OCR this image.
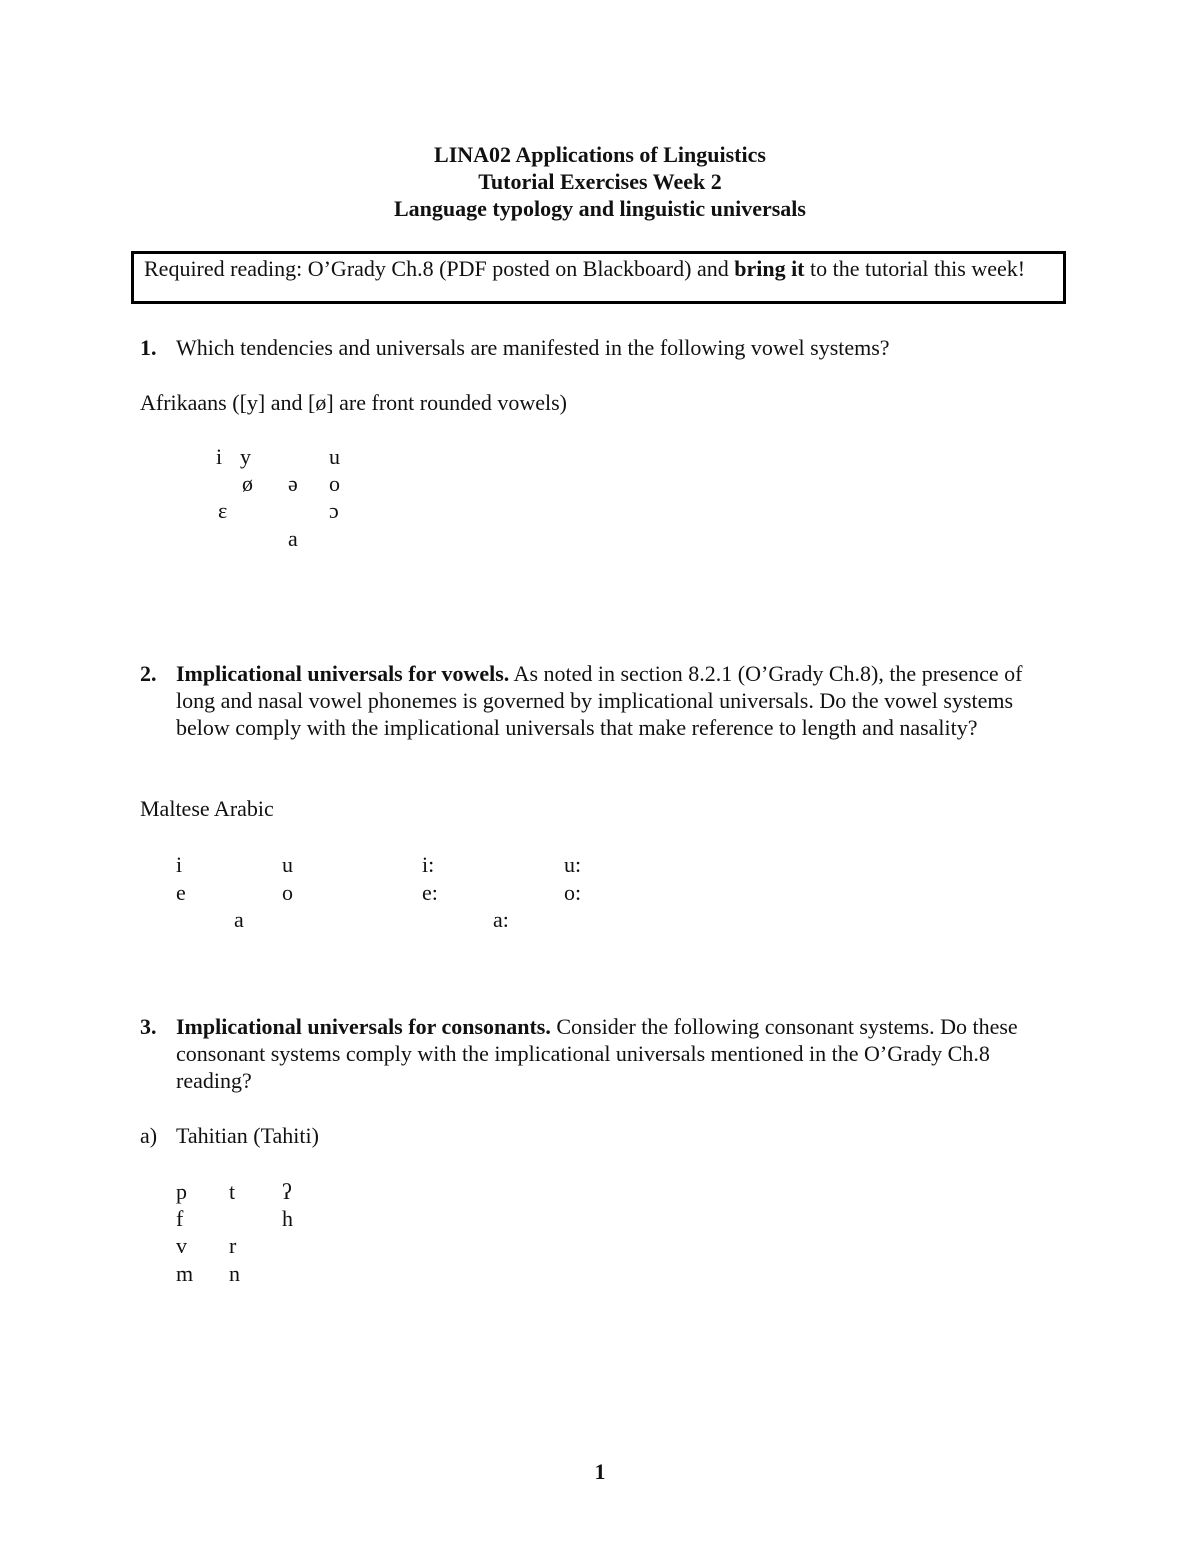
LINA02 Applications of Linguistics
Tutorial Exercises Week 2
Language typology and linguistic universals
Required reading: O’Grady Ch.8 (PDF posted on Blackboard) and bring it to the tutorial this week!
1. Which tendencies and universals are manifested in the following vowel systems?
Afrikaans ([y] and [ø] are front rounded vowels)
i y	u
ø ə o
ɛ	ɔ
a
2. Implicational universals for vowels. As noted in section 8.2.1 (O’Grady Ch.8), the presence of long and nasal vowel phonemes is governed by implicational universals. Do the vowel systems below comply with the implicational universals that make reference to length and nasality?
Maltese Arabic
i	u	i:	u:
e	o	e:	o:
a	a:
3. Implicational universals for consonants. Consider the following consonant systems. Do these consonant systems comply with the implicational universals mentioned in the O’Grady Ch.8 reading?
a) Tahitian (Tahiti)
p t ʔ
f	h
v r
m n
1
